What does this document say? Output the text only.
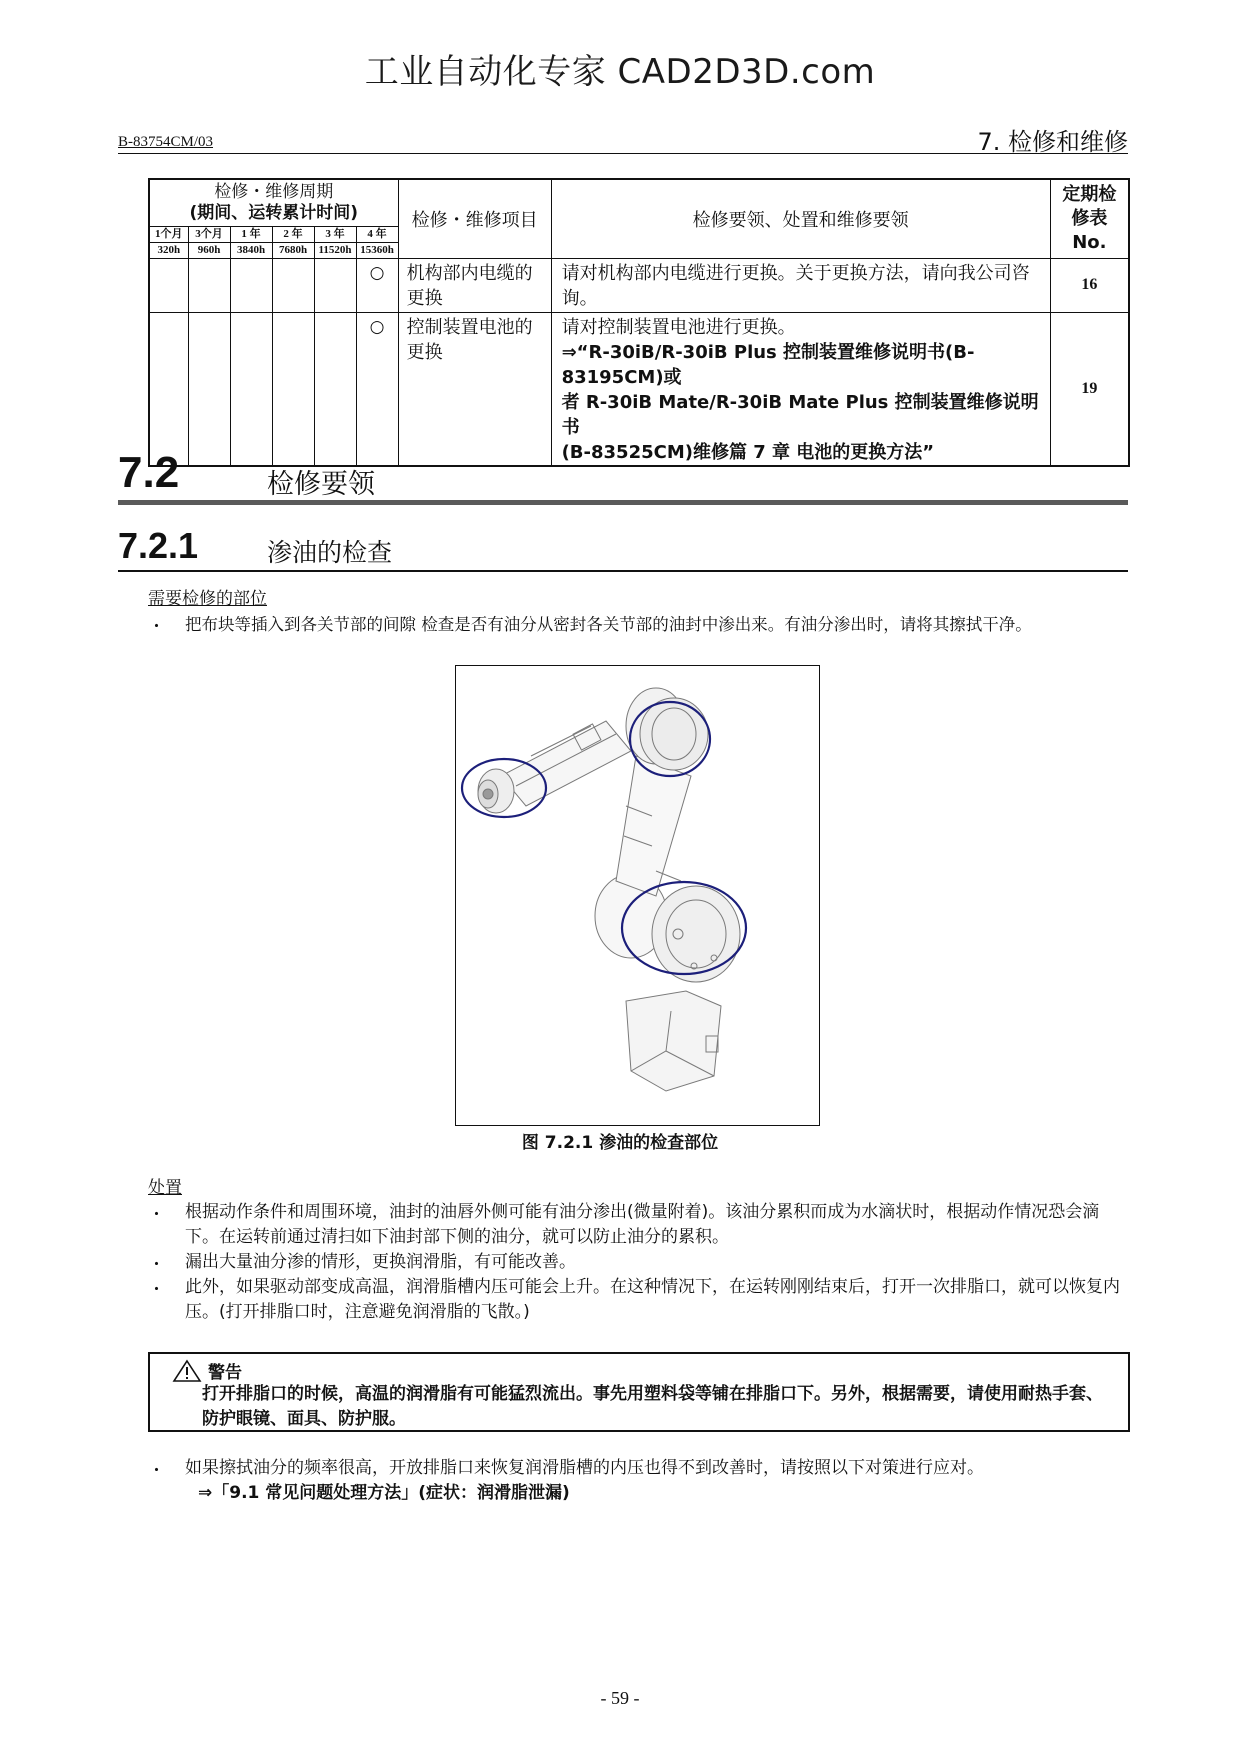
工业自动化专家 CAD2D3D.com
B-83754CM/03	7. 检修和维修
检修・维修周期
(期间、运转累计时间)						检修・维修项目	检修要领、处置和维修要领	定期检修表No.
1个月	3个月	1 年	2 年	3 年	4 年			
320h	960h	3840h	7680h	11520h	15360h			
					○	机构部内电缆的更换	请对机构部内电缆进行更换。关于更换方法，请向我公司咨询。	16
					○	控制装置电池的更换	请对控制装置电池进行更换。
⇒“R-30iB/R-30iB Plus 控制装置维修说明书(B-83195CM)或
者 R-30iB Mate/R-30iB Mate Plus 控制装置维修说明书
(B-83525CM)维修篇 7 章 电池的更换方法”	19
7.2	检修要领
7.2.1	渗油的检查
需要检修的部位
・ 把布块等插入到各关节部的间隙 检查是否有油分从密封各关节部的油封中渗出来。有油分渗出时，请将其擦拭干净。
图 7.2.1 渗油的检查部位
处置
・ 根据动作条件和周围环境，油封的油唇外侧可能有油分渗出(微量附着)。该油分累积而成为水滴状时，根据动作情况恐会滴下。在运转前通过清扫如下油封部下侧的油分，就可以防止油分的累积。
・ 漏出大量油分渗的情形，更换润滑脂，有可能改善。
・ 此外，如果驱动部变成高温，润滑脂槽内压可能会上升。在这种情况下，在运转刚刚结束后，打开一次排脂口，就可以恢复内压。(打开排脂口时，注意避免润滑脂的飞散。)
警告
打开排脂口的时候，高温的润滑脂有可能猛烈流出。事先用塑料袋等铺在排脂口下。另外，根据需要，请使用耐热手套、防护眼镜、面具、防护服。
・ 如果擦拭油分的频率很高，开放排脂口来恢复润滑脂槽的内压也得不到改善时，请按照以下对策进行应对。
⇒「9.1 常见问题处理方法」(症状：润滑脂泄漏)
- 59 -
